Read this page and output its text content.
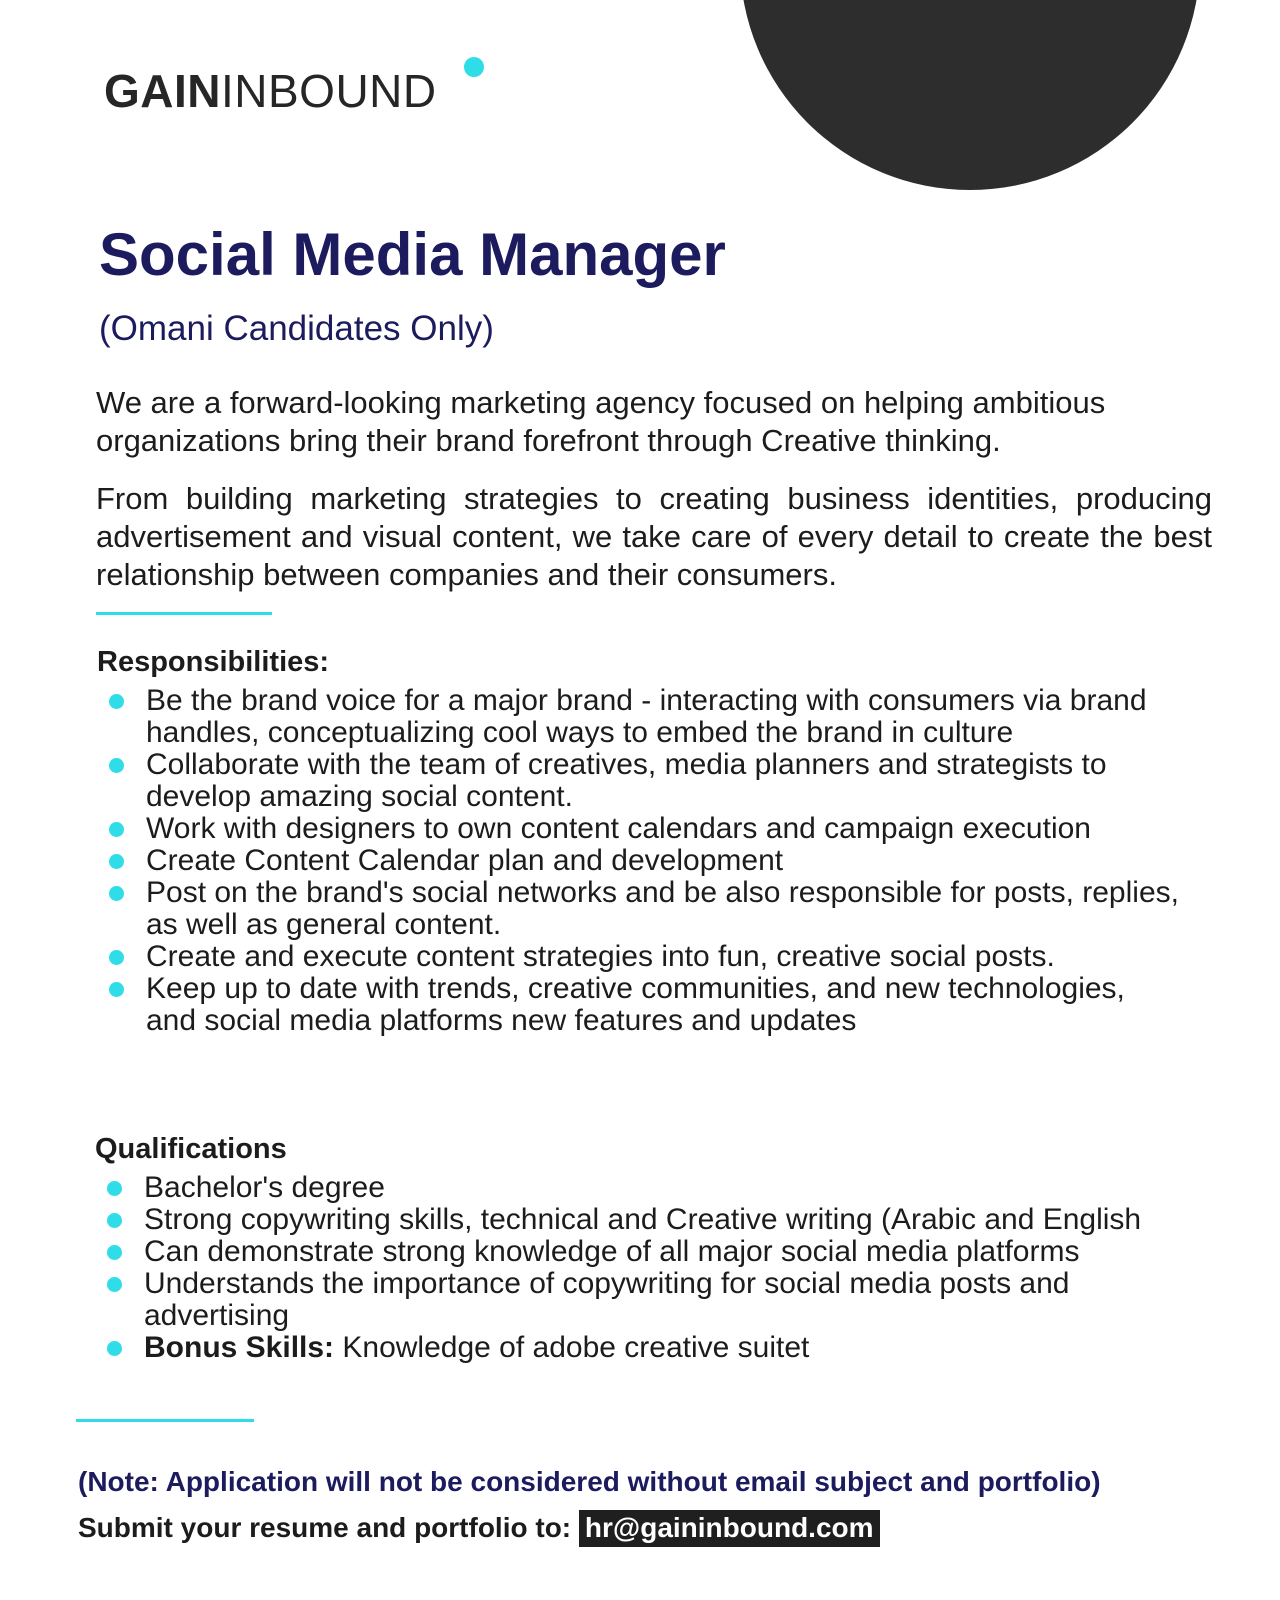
GAININBOUND
Social Media Manager
(Omani Candidates Only)

We are a forward-looking marketing agency focused on helping ambitious organizations bring their brand forefront through Creative thinking.

From building marketing strategies to creating business identities, producing advertisement and visual content, we take care of every detail to create the best relationship between companies and their consumers.

Responsibilities:
Be the brand voice for a major brand - interacting with consumers via brand handles, conceptualizing cool ways to embed the brand in culture
Collaborate with the team of creatives, media planners and strategists to develop amazing social content.
Work with designers to own content calendars and campaign execution
Create Content Calendar plan and development
Post on the brand's social networks and be also responsible for posts, replies, as well as general content.
Create and execute content strategies into fun, creative social posts.
Keep up to date with trends, creative communities, and new technologies, and social media platforms new features and updates
Qualifications
Bachelor's degree
Strong copywriting skills, technical and Creative writing (Arabic and English
Can demonstrate strong knowledge of all major social media platforms
Understands the importance of copywriting for social media posts and advertising
Bonus Skills: Knowledge of adobe creative suitet

(Note: Application will not be considered without email subject and portfolio)

Submit your resume and portfolio to: hr@gaininbound.com
